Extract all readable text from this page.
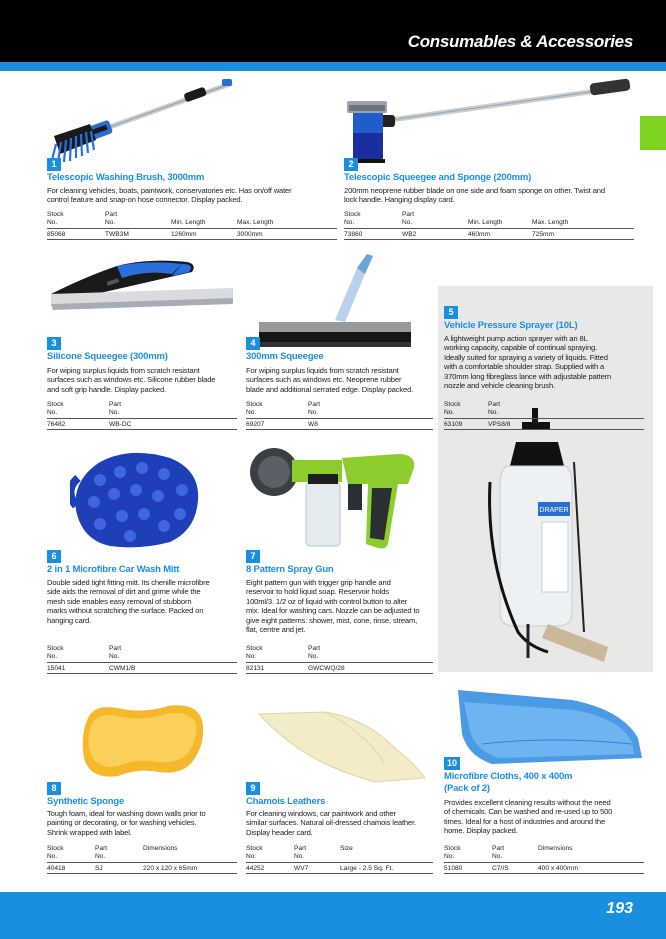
Consumables & Accessories
DRAPER
1
Telescopic Washing Brush, 3000mm
For cleaning vehicles, boats, paintwork, conservatories etc. Has on/off water
control feature and snap-on hose connector. Display packed.
Stock
No.	Part
No.	Min. Length	Max. Length
85068	TWB3M	1260mm	3000mm
2
Telescopic Squeegee and Sponge (200mm)
200mm neoprene rubber blade on one side and foam sponge on other. Twist and
lock handle. Hanging display card.
Stock
No.	Part
No.	Min. Length	Max. Length
73860	WB2	460mm	725mm
3
Silicone Squeegee (300mm)
For wiping surplus liquids from scratch resistant
surfaces such as windows etc. Silicone rubber blade
and soft grip handle. Display packed.
Stock
No.	Part
No.
76482	WB-DC
4
300mm Squeegee
For wiping surplus liquids from scratch resistant
surfaces such as windows etc. Neoprene rubber
blade and additional serrated edge. Display packed.
Stock
No.	Part
No.
69207	W8
5
Vehicle Pressure Sprayer (10L)
A lightweight pump action sprayer with an 8L
working capacity, capable of continual spraying.
Ideally suited for spraying a variety of liquids. Fitted
with a comfortable shoulder strap. Supplied with a
370mm long fibreglass lance with adjustable pattern
nozzle and vehicle cleaning brush.
Stock
No.	Part
No.
63109	VPS8/8
6
2 in 1 Microfibre Car Wash Mitt
Double sided tight fitting mitt. Its chenille microfibre
side aids the removal of dirt and grime while the
mesh side enables easy removal of stubborn
marks without scratching the surface. Packed on
hanging card.
Stock
No.	Part
No.
15041	CWM1/B
7
8 Pattern Spray Gun
Eight pattern gun with trigger grip handle and
reservoir to hold liquid soap. Reservoir holds
100ml/3. 1/2 oz of liquid with control button to alter
mix. Ideal for washing cars. Nozzle can be adjusted to
give eight patterns: shower, mist, cone, rinse, stream,
flat, centre and jet.
Stock
No.	Part
No.
82131	GWCWQ/28
8
Synthetic Sponge
Tough foam, ideal for washing down walls prior to
painting or decorating, or for washing vehicles.
Shrink wrapped with label.
Stock
No.	Part
No.	Dimensions
40418	SJ	220 x 120 x 65mm
9
Chamois Leathers
For cleaning windows, car paintwork and other
similar surfaces. Natural oil-dressed chamois leather.
Display header card.
Stock
No.	Part
No.	Size
44252	WV7	Large - 2.5 Sq. Ft.
10
Microfibre Cloths, 400 x 400m
(Pack of 2)
Provides excellent cleaning results without the need
of chemicals. Can be washed and re-used up to 500
times. Ideal for a host of industries and around the
home. Display packed.
Stock
No.	Part
No.	Dimensions
51080	C7/IS	400 x 400mm
193
